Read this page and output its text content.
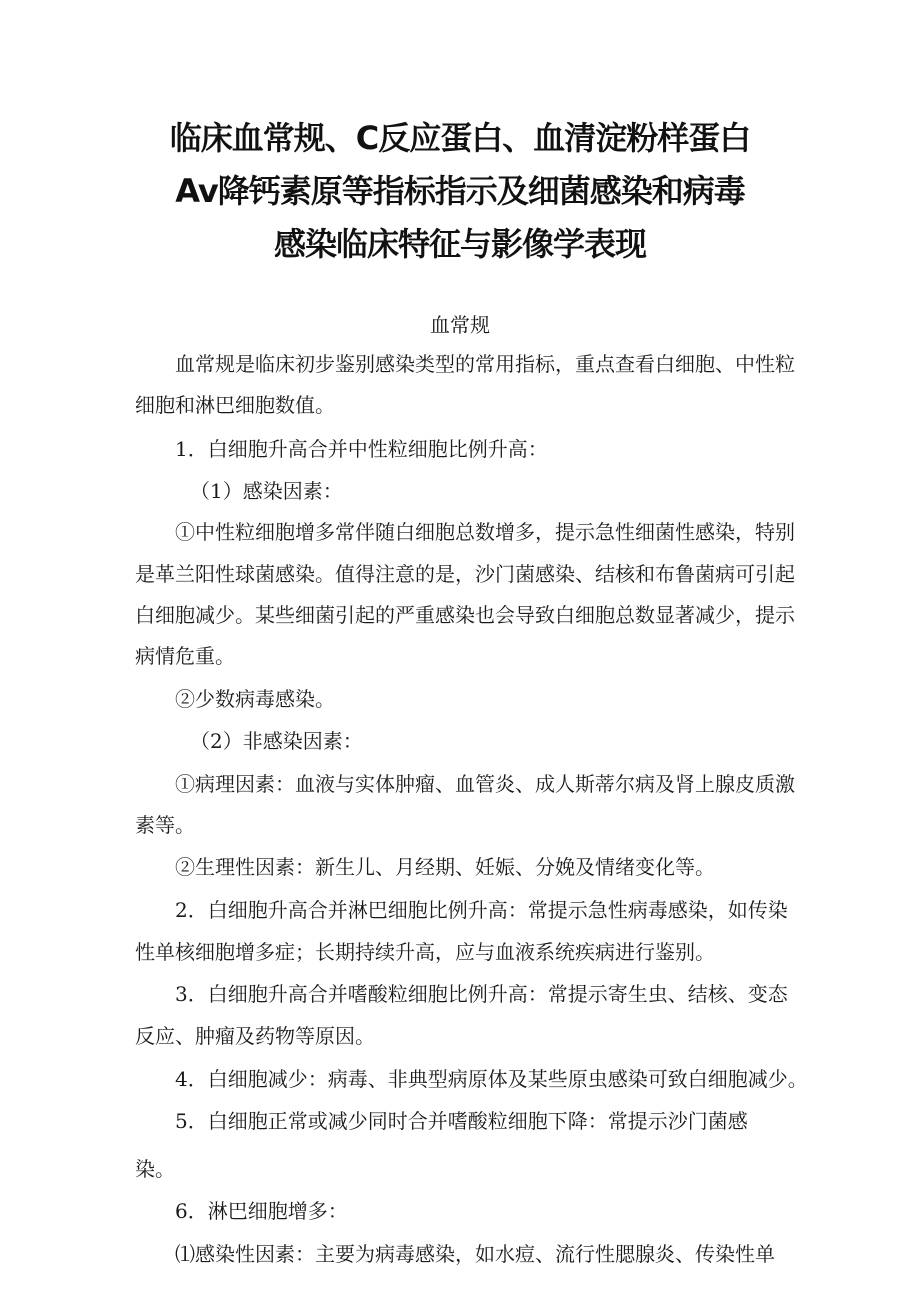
临床血常规、C反应蛋白、血清淀粉样蛋白
Av降钙素原等指标指示及细菌感染和病毒
感染临床特征与影像学表现
血常规
血常规是临床初步鉴别感染类型的常用指标，重点查看白细胞、中性粒
细胞和淋巴细胞数值。
1．白细胞升高合并中性粒细胞比例升高：
（1）感染因素：
①中性粒细胞增多常伴随白细胞总数增多，提示急性细菌性感染，特别
是革兰阳性球菌感染。值得注意的是，沙门菌感染、结核和布鲁菌病可引起
白细胞减少。某些细菌引起的严重感染也会导致白细胞总数显著减少，提示
病情危重。
②少数病毒感染。
（2）非感染因素：
①病理因素：血液与实体肿瘤、血管炎、成人斯蒂尔病及肾上腺皮质激
素等。
②生理性因素：新生儿、月经期、妊娠、分娩及情绪变化等。
2．白细胞升高合并淋巴细胞比例升高：常提示急性病毒感染，如传染
性单核细胞增多症；长期持续升高，应与血液系统疾病进行鉴别。
3．白细胞升高合并嗜酸粒细胞比例升高：常提示寄生虫、结核、变态
反应、肿瘤及药物等原因。
4．白细胞减少：病毒、非典型病原体及某些原虫感染可致白细胞减少。
5．白细胞正常或减少同时合并嗜酸粒细胞下降：常提示沙门菌感
染。
6．淋巴细胞增多：
⑴感染性因素：主要为病毒感染，如水痘、流行性腮腺炎、传染性单
